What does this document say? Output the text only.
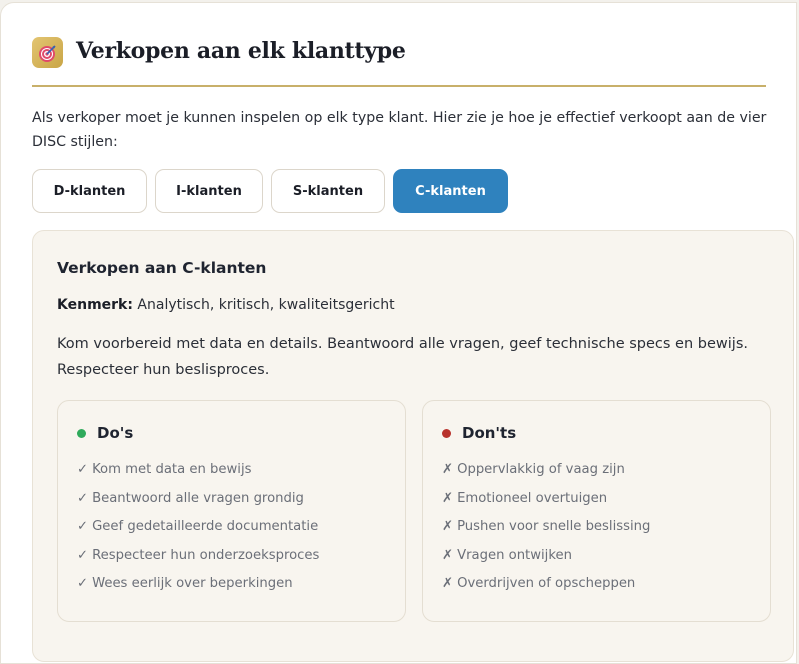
Verkopen aan elk klanttype
Als verkoper moet je kunnen inspelen op elk type klant. Hier zie je hoe je effectief verkoopt aan de vier DISC stijlen:
D-klanten	I-klanten	S-klanten	C-klanten
Verkopen aan C-klanten
Kenmerk: Analytisch, kritisch, kwaliteitsgericht
Kom voorbereid met data en details. Beantwoord alle vragen, geef technische specs en bewijs. Respecteer hun beslisproces.
Do's
✓ Kom met data en bewijs
✓ Beantwoord alle vragen grondig
✓ Geef gedetailleerde documentatie
✓ Respecteer hun onderzoeksproces
✓ Wees eerlijk over beperkingen
Don'ts
✗ Oppervlakkig of vaag zijn
✗ Emotioneel overtuigen
✗ Pushen voor snelle beslissing
✗ Vragen ontwijken
✗ Overdrijven of opscheppen
